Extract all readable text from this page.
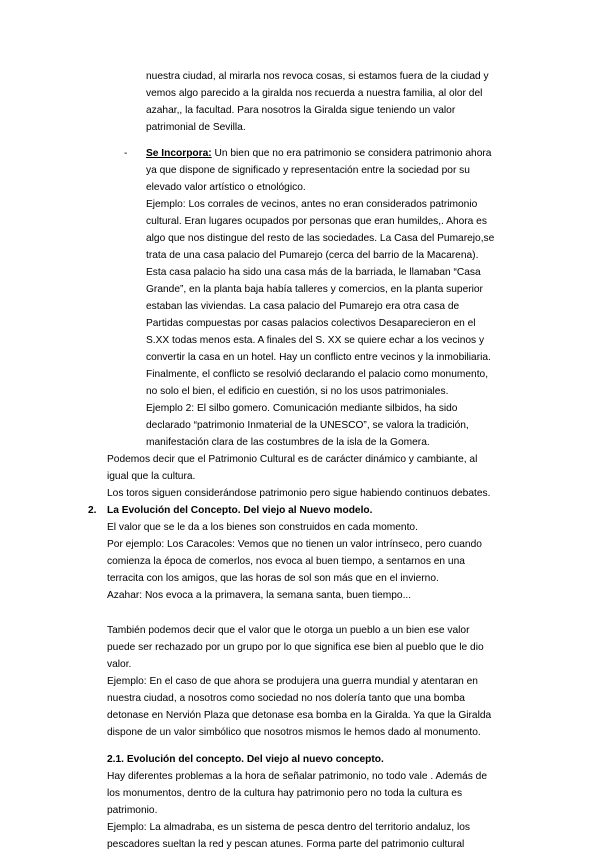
nuestra ciudad, al mirarla nos revoca cosas, si estamos fuera de la ciudad y
vemos algo parecido a la giralda nos recuerda a nuestra familia, al olor del
azahar,, la facultad. Para nosotros la Giralda sigue teniendo un valor
patrimonial de Sevilla.
- Se Incorpora: Un bien que no era patrimonio se considera patrimonio ahora
ya que dispone de significado y representación entre la sociedad por su
elevado valor artístico o etnológico.
Ejemplo: Los corrales de vecinos, antes no eran considerados patrimonio
cultural. Eran lugares ocupados por personas que eran humildes,. Ahora es
algo que nos distingue del resto de las sociedades. La Casa del Pumarejo,se
trata de una casa palacio del Pumarejo (cerca del barrio de la Macarena).
Esta casa palacio ha sido una casa más de la barriada, le llamaban “Casa
Grande”, en la planta baja había talleres y comercios, en la planta superior
estaban las viviendas. La casa palacio del Pumarejo era otra casa de
Partidas compuestas por casas palacios colectivos Desaparecieron en el
S.XX todas menos esta. A finales del S. XX se quiere echar a los vecinos y
convertir la casa en un hotel. Hay un conflicto entre vecinos y la inmobiliaria.
Finalmente, el conflicto se resolvió declarando el palacio como monumento,
no solo el bien, el edificio en cuestión, si no los usos patrimoniales.
Ejemplo 2: El silbo gomero. Comunicación mediante silbidos, ha sido
declarado “patrimonio Inmaterial de la UNESCO”, se valora la tradición,
manifestación clara de las costumbres de la isla de la Gomera.
Podemos decir que el Patrimonio Cultural es de carácter dinámico y cambiante, al
igual que la cultura.
Los toros siguen considerándose patrimonio pero sigue habiendo continuos debates.
2. La Evolución del Concepto. Del viejo al Nuevo modelo.
El valor que se le da a los bienes son construidos en cada momento.
Por ejemplo: Los Caracoles: Vemos que no tienen un valor intrínseco, pero cuando
comienza la época de comerlos, nos evoca al buen tiempo, a sentarnos en una
terracita con los amigos, que las horas de sol son más que en el invierno.
Azahar: Nos evoca a la primavera, la semana santa, buen tiempo...
También podemos decir que el valor que le otorga un pueblo a un bien ese valor
puede ser rechazado por un grupo por lo que significa ese bien al pueblo que le dio
valor.
Ejemplo: En el caso de que ahora se produjera una guerra mundial y atentaran en
nuestra ciudad, a nosotros como sociedad no nos dolería tanto que una bomba
detonase en Nervión Plaza que detonase esa bomba en la Giralda. Ya que la Giralda
dispone de un valor simbólico que nosotros mismos le hemos dado al monumento.
2.1. Evolución del concepto. Del viejo al nuevo concepto.
Hay diferentes problemas a la hora de señalar patrimonio, no todo vale . Además de
los monumentos, dentro de la cultura hay patrimonio pero no toda la cultura es
patrimonio.
Ejemplo: La almadraba, es un sistema de pesca dentro del territorio andaluz, los
pescadores sueltan la red y pescan atunes. Forma parte del patrimonio cultural
